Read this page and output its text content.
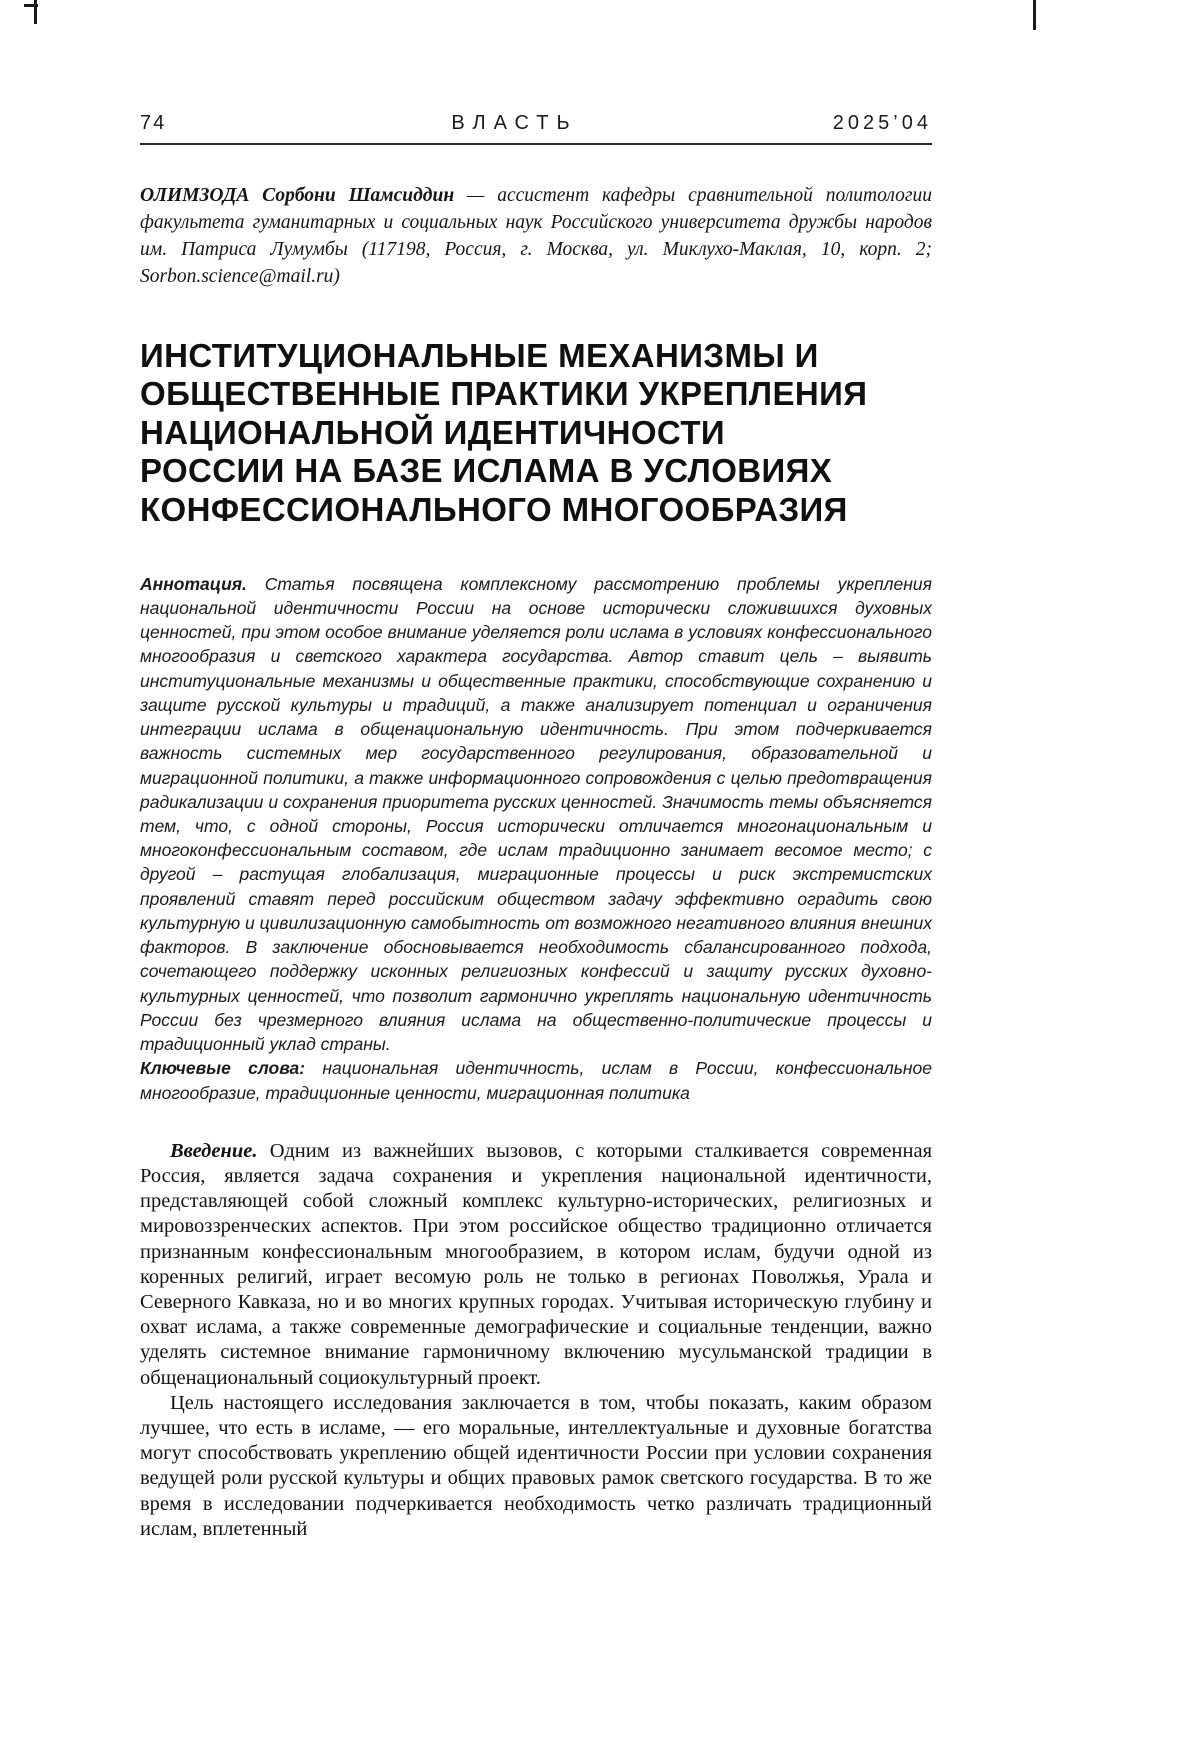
74	ВЛАСТЬ	2025’04

ОЛИМЗОДА Сорбони Шамсиддин — ассистент кафедры сравнительной политологии факультета гуманитарных и социальных наук Российского университета дружбы народов им. Патриса Лумумбы (117198, Россия, г. Москва, ул. Миклухо-Маклая, 10, корп. 2; Sorbon.science@mail.ru)

ИНСТИТУЦИОНАЛЬНЫЕ МЕХАНИЗМЫ И
ОБЩЕСТВЕННЫЕ ПРАКТИКИ УКРЕПЛЕНИЯ
НАЦИОНАЛЬНОЙ ИДЕНТИЧНОСТИ
РОССИИ НА БАЗЕ ИСЛАМА В УСЛОВИЯХ
КОНФЕССИОНАЛЬНОГО МНОГООБРАЗИЯ

Аннотация. Статья посвящена комплексному рассмотрению проблемы укрепления национальной идентичности России на основе исторически сложившихся духовных ценностей, при этом особое внимание уделяется роли ислама в условиях конфессионального многообразия и светского характера государства. Автор ставит цель – выявить институциональные механизмы и общественные практики, способствующие сохранению и защите русской культуры и традиций, а также анализирует потенциал и ограничения интеграции ислама в общенациональную идентичность. При этом подчеркивается важность системных мер государственного регулирования, образовательной и миграционной политики, а также информационного сопровождения с целью предотвращения радикализации и сохранения приоритета русских ценностей. Значимость темы объясняется тем, что, с одной стороны, Россия исторически отличается многонациональным и многоконфессиональным составом, где ислам традиционно занимает весомое место; с другой – растущая глобализация, миграционные процессы и риск экстремистских проявлений ставят перед российским обществом задачу эффективно оградить свою культурную и цивилизационную самобытность от возможного негативного влияния внешних факторов. В заключение обосновывается необходимость сбалансированного подхода, сочетающего поддержку исконных религиозных конфессий и защиту русских духовно-культурных ценностей, что позволит гармонично укреплять национальную идентичность России без чрезмерного влияния ислама на общественно-политические процессы и традиционный уклад страны.

Ключевые слова: национальная идентичность, ислам в России, конфессиональное многообразие, традиционные ценности, миграционная политика

Введение. Одним из важнейших вызовов, с которыми сталкивается современная Россия, является задача сохранения и укрепления национальной идентичности, представляющей собой сложный комплекс культурно-исторических, религиозных и мировоззренческих аспектов. При этом российское общество традиционно отличается признанным конфессиональным многообразием, в котором ислам, будучи одной из коренных религий, играет весомую роль не только в регионах Поволжья, Урала и Северного Кавказа, но и во многих крупных городах. Учитывая историческую глубину и охват ислама, а также современные демографические и социальные тенденции, важно уделять системное внимание гармоничному включению мусульманской традиции в общенациональный социокультурный проект.

Цель настоящего исследования заключается в том, чтобы показать, каким образом лучшее, что есть в исламе, — его моральные, интеллектуальные и духовные богатства могут способствовать укреплению общей идентичности России при условии сохранения ведущей роли русской культуры и общих правовых рамок светского государства. В то же время в исследовании подчеркивается необходимость четко различать традиционный ислам, вплетенный
